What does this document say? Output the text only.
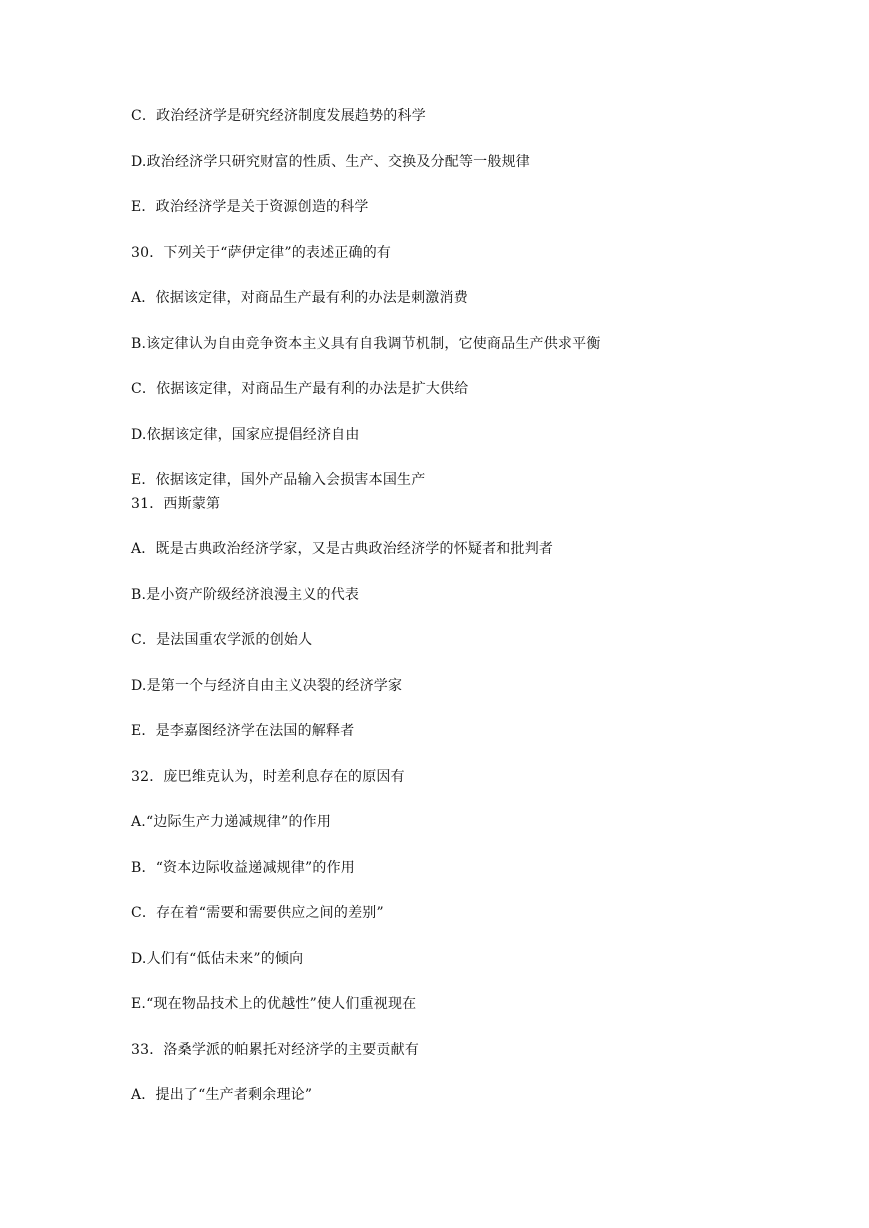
C．政治经济学是研究经济制度发展趋势的科学
D.政治经济学只研究财富的性质、生产、交换及分配等一般规律
E．政治经济学是关于资源创造的科学
30．下列关于“萨伊定律”的表述正确的有
A．依据该定律，对商品生产最有利的办法是刺激消费
B.该定律认为自由竞争资本主义具有自我调节机制，它使商品生产供求平衡
C．依据该定律，对商品生产最有利的办法是扩大供给
D.依据该定律，国家应提倡经济自由
E．依据该定律，国外产品输入会损害本国生产
31．西斯蒙第
A．既是古典政治经济学家，又是古典政治经济学的怀疑者和批判者
B.是小资产阶级经济浪漫主义的代表
C．是法国重农学派的创始人
D.是第一个与经济自由主义决裂的经济学家
E．是李嘉图经济学在法国的解释者
32．庞巴维克认为，时差利息存在的原因有
A.“边际生产力递减规律”的作用
B．“资本边际收益递减规律”的作用
C．存在着“需要和需要供应之间的差别”
D.人们有“低估未来”的倾向
E.“现在物品技术上的优越性”使人们重视现在
33．洛桑学派的帕累托对经济学的主要贡献有
A．提出了“生产者剩余理论”
